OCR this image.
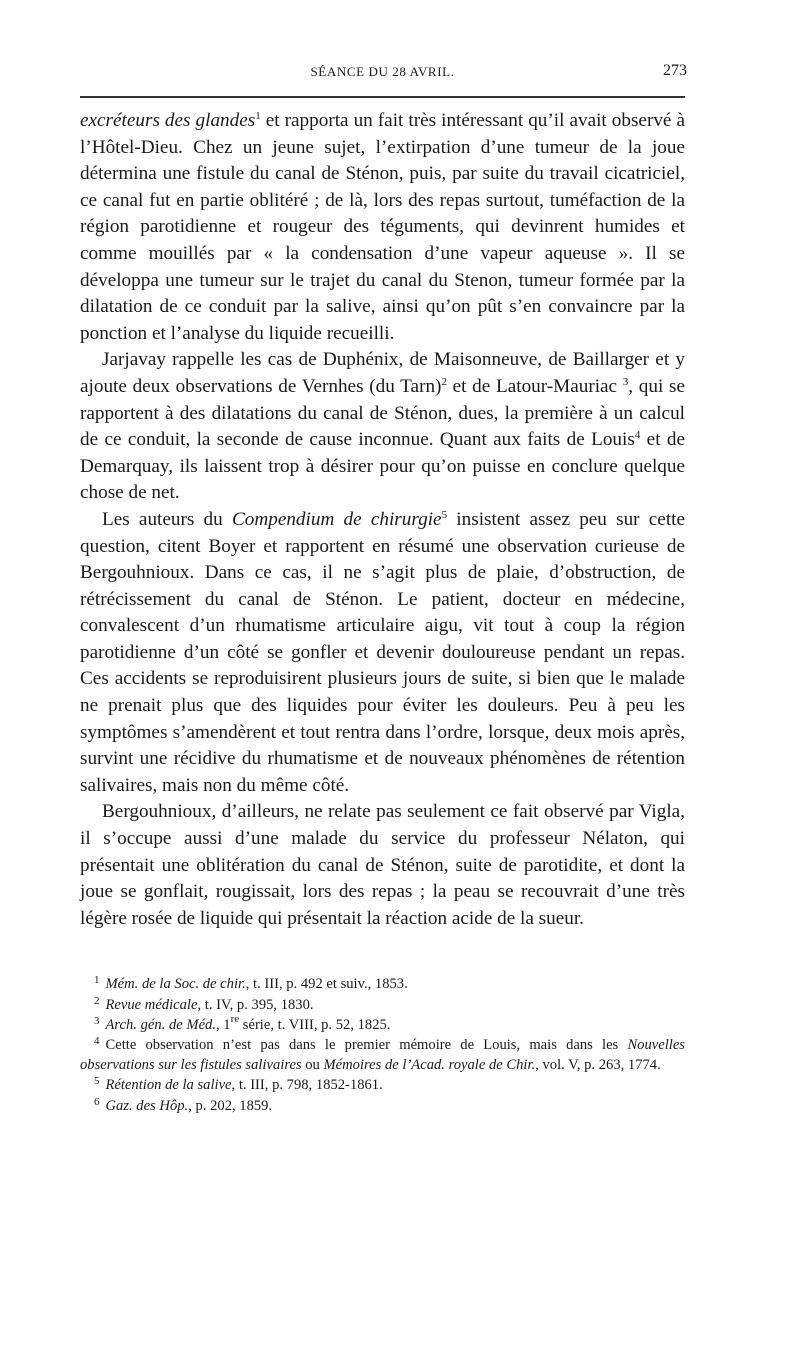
SÉANCE DU 28 AVRIL.	273

excréteurs des glandes$^1$ et rapporta un fait très intéressant qu’il avait observé à l’Hôtel-Dieu. Chez un jeune sujet, l’extirpation d’une tumeur de la joue détermina une fistule du canal de Sténon, puis, par suite du travail cicatriciel, ce canal fut en partie oblitéré ; de là, lors des repas surtout, tuméfaction de la région parotidienne et rougeur des téguments, qui devinrent humides et comme mouillés par « la condensation d’une vapeur aqueuse ». Il se développa une tumeur sur le trajet du canal du Stenon, tumeur formée par la dilatation de ce conduit par la salive, ainsi qu’on pût s’en convaincre par la ponction et l’analyse du liquide recueilli.

Jarjavay rappelle les cas de Duphénix, de Maisonneuve, de Baillarger et y ajoute deux observations de Vernhes (du Tarn)$^2$ et de Latour-Mauriac $^3$, qui se rapportent à des dilatations du canal de Sténon, dues, la première à un calcul de ce conduit, la seconde de cause inconnue. Quant aux faits de Louis$^4$ et de Demarquay, ils laissent trop à désirer pour qu’on puisse en conclure quelque chose de net.

Les auteurs du Compendium de chirurgie$^5$ insistent assez peu sur cette question, citent Boyer et rapportent en résumé une observation curieuse de Bergouhnioux. Dans ce cas, il ne s’agit plus de plaie, d’obstruction, de rétrécissement du canal de Sténon. Le patient, docteur en médecine, convalescent d’un rhumatisme articulaire aigu, vit tout à coup la région parotidienne d’un côté se gonfler et devenir douloureuse pendant un repas. Ces accidents se reproduisirent plusieurs jours de suite, si bien que le malade ne prenait plus que des liquides pour éviter les douleurs. Peu à peu les symptômes s’amendèrent et tout rentra dans l’ordre, lorsque, deux mois après, survint une récidive du rhumatisme et de nouveaux phénomènes de rétention salivaires, mais non du même côté.

Bergouhnioux, d’ailleurs, ne relate pas seulement ce fait observé par Vigla, il s’occupe aussi d’une malade du service du professeur Nélaton, qui présentait une oblitération du canal de Sténon, suite de parotidite, et dont la joue se gonflait, rougissait, lors des repas ; la peau se recouvrait d’une très légère rosée de liquide qui présentait la réaction acide de la sueur.

$^1$ Mém. de la Soc. de chir., t. III, p. 492 et suiv., 1853.

$^2$ Revue médicale, t. IV, p. 395, 1830.

$^3$ Arch. gén. de Méd., 1re série, t. VIII, p. 52, 1825.

$^4$ Cette observation n’est pas dans le premier mémoire de Louis, mais dans les Nouvelles observations sur les fistules salivaires ou Mémoires de l’Acad. royale de Chir., vol. V, p. 263, 1774.

$^5$ Rétention de la salive, t. III, p. 798, 1852-1861.

$^6$ Gaz. des Hôp., p. 202, 1859.
